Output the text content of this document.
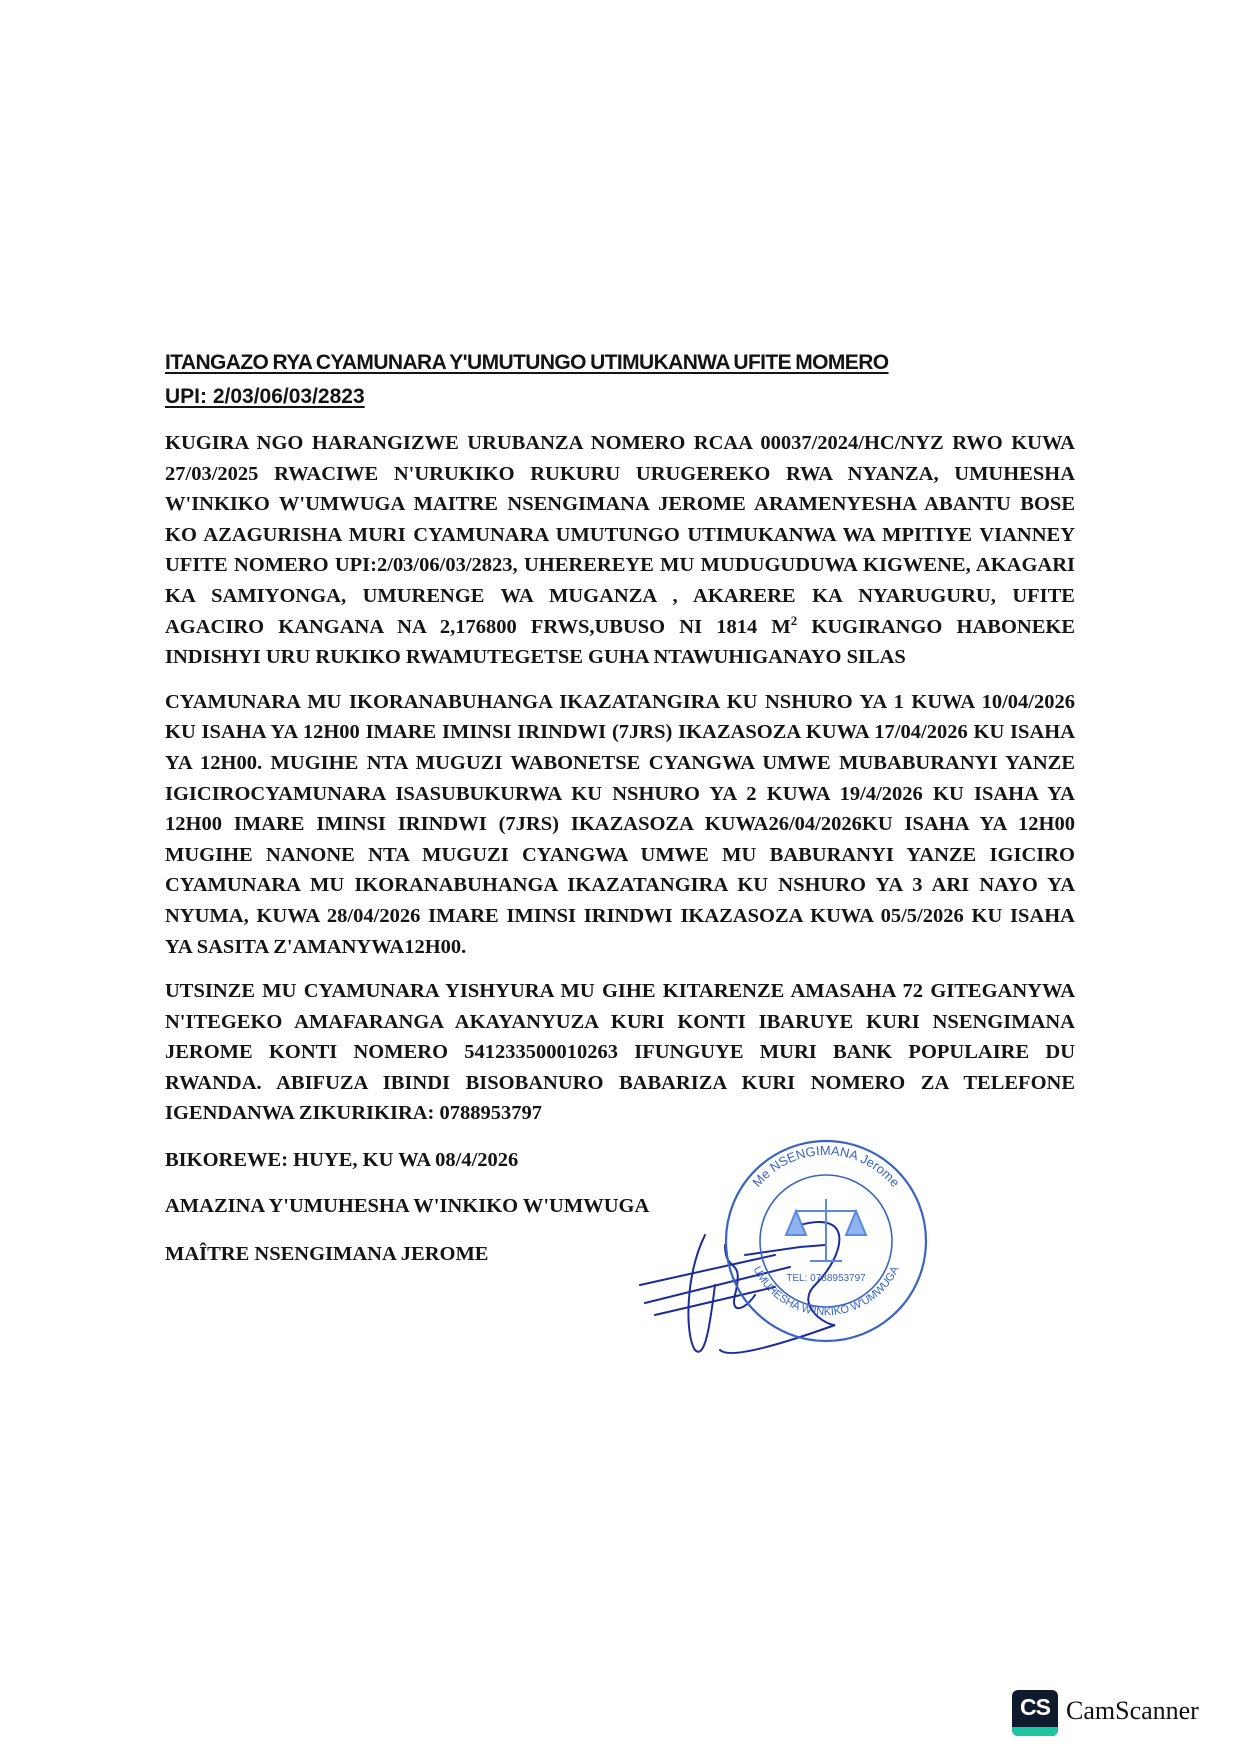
ITANGAZO RYA CYAMUNARA Y'UMUTUNGO UTIMUKANWA UFITE MOMERO
UPI: 2/03/06/03/2823

KUGIRA NGO HARANGIZWE URUBANZA NOMERO RCAA 00037/2024/HC/NYZ RWO KUWA 27/03/2025 RWACIWE N'URUKIKO RUKURU URUGEREKO RWA NYANZA, UMUHESHA W'INKIKO W'UMWUGA MAITRE NSENGIMANA JEROME ARAMENYESHA ABANTU BOSE KO AZAGURISHA MURI CYAMUNARA UMUTUNGO UTIMUKANWA WA MPITIYE VIANNEY UFITE NOMERO UPI:2/03/06/03/2823, UHEREREYE MU MUDUGUDUWA KIGWENE, AKAGARI KA SAMIYONGA, UMURENGE WA MUGANZA , AKARERE KA NYARUGURU, UFITE AGACIRO KANGANA NA 2,176800 FRWS,UBUSO NI 1814 $M^2$ KUGIRANGO HABONEKE INDISHYI URU RUKIKO RWAMUTEGETSE GUHA NTAWUHIGANAYO SILAS

CYAMUNARA MU IKORANABUHANGA IKAZATANGIRA KU NSHURO YA 1 KUWA 10/04/2026 KU ISAHA YA 12H00 IMARE IMINSI IRINDWI (7JRS) IKAZASOZA KUWA 17/04/2026 KU ISAHA YA 12H00. MUGIHE NTA MUGUZI WABONETSE CYANGWA UMWE MUBABURANYI YANZE IGICIROCYAMUNARA ISASUBUKURWA KU NSHURO YA 2 KUWA 19/4/2026 KU ISAHA YA 12H00 IMARE IMINSI IRINDWI (7JRS) IKAZASOZA KUWA26/04/2026KU ISAHA YA 12H00 MUGIHE NANONE NTA MUGUZI CYANGWA UMWE MU BABURANYI YANZE IGICIRO CYAMUNARA MU IKORANABUHANGA IKAZATANGIRA KU NSHURO YA 3 ARI NAYO YA NYUMA, KUWA 28/04/2026 IMARE IMINSI IRINDWI IKAZASOZA KUWA 05/5/2026 KU ISAHA YA SASITA Z'AMANYWA12H00.

UTSINZE MU CYAMUNARA YISHYURA MU GIHE KITARENZE AMASAHA 72 GITEGANYWA N'ITEGEKO AMAFARANGA AKAYANYUZA KURI KONTI IBARUYE KURI NSENGIMANA JEROME KONTI NOMERO 541233500010263 IFUNGUYE MURI BANK POPULAIRE DU RWANDA. ABIFUZA IBINDI BISOBANURO BABARIZA KURI NOMERO ZA TELEFONE IGENDANWA ZIKURIKIRA: 0788953797

BIKOREWE: HUYE, KU WA 08/4/2026

AMAZINA Y'UMUHESHA W'INKIKO W'UMWUGA
MAÎTRE NSENGIMANA JEROME
Me NSENGIMANA Jerome
UMUHESHA W'INKIKO W'UMWUGA
TEL: 0788953797
CS CamScanner
